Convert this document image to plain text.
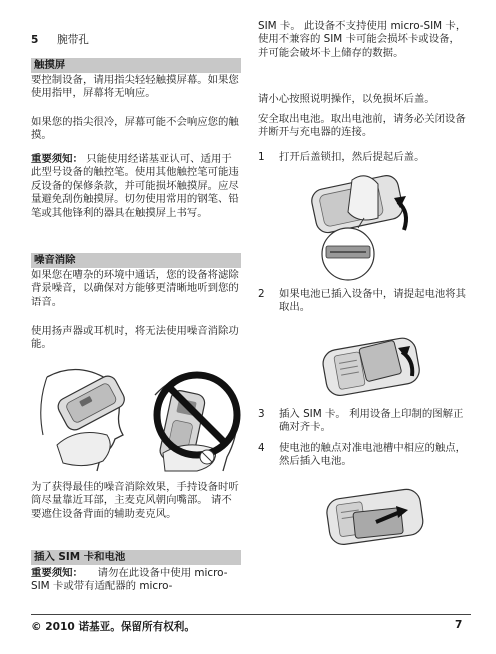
5 腕带孔
触摸屏

要控制设备，请用指尖轻轻触摸屏幕。如果您使用指甲，屏幕将无响应。

如果您的指尖很冷，屏幕可能不会响应您的触摸。

重要须知： 只能使用经诺基亚认可、适用于此型号设备的触控笔。使用其他触控笔可能违反设备的保修条款，并可能损坏触摸屏。应尽量避免刮伤触摸屏。切勿使用常用的钢笔、铅笔或其他锋利的器具在触摸屏上书写。

噪音消除

如果您在嘈杂的环境中通话，您的设备将滤除背景噪音，以确保对方能够更清晰地听到您的语音。

使用扬声器或耳机时，将无法使用噪音消除功能。

为了获得最佳的噪音消除效果，手持设备时听筒尽量靠近耳部，主麦克风朝向嘴部。 请不要遮住设备背面的辅助麦克风。

插入 SIM 卡和电池

重要须知： 请勿在此设备中使用 micro-SIM 卡或带有适配器的 micro-

SIM 卡。 此设备不支持使用 micro-SIM 卡，使用不兼容的 SIM 卡可能会损坏卡或设备，并可能会破坏卡上储存的数据。

请小心按照说明操作，以免损坏后盖。

安全取出电池。取出电池前，请务必关闭设备并断开与充电器的连接。

1	打开后盖锁扣，然后提起后盖。
2	如果电池已插入设备中，请提起电池将其取出。
3	插入 SIM 卡。 利用设备上印制的图解正确对齐卡。
4	使电池的触点对准电池槽中相应的触点，然后插入电池。
© 2010 诺基亚。保留所有权利。	7
